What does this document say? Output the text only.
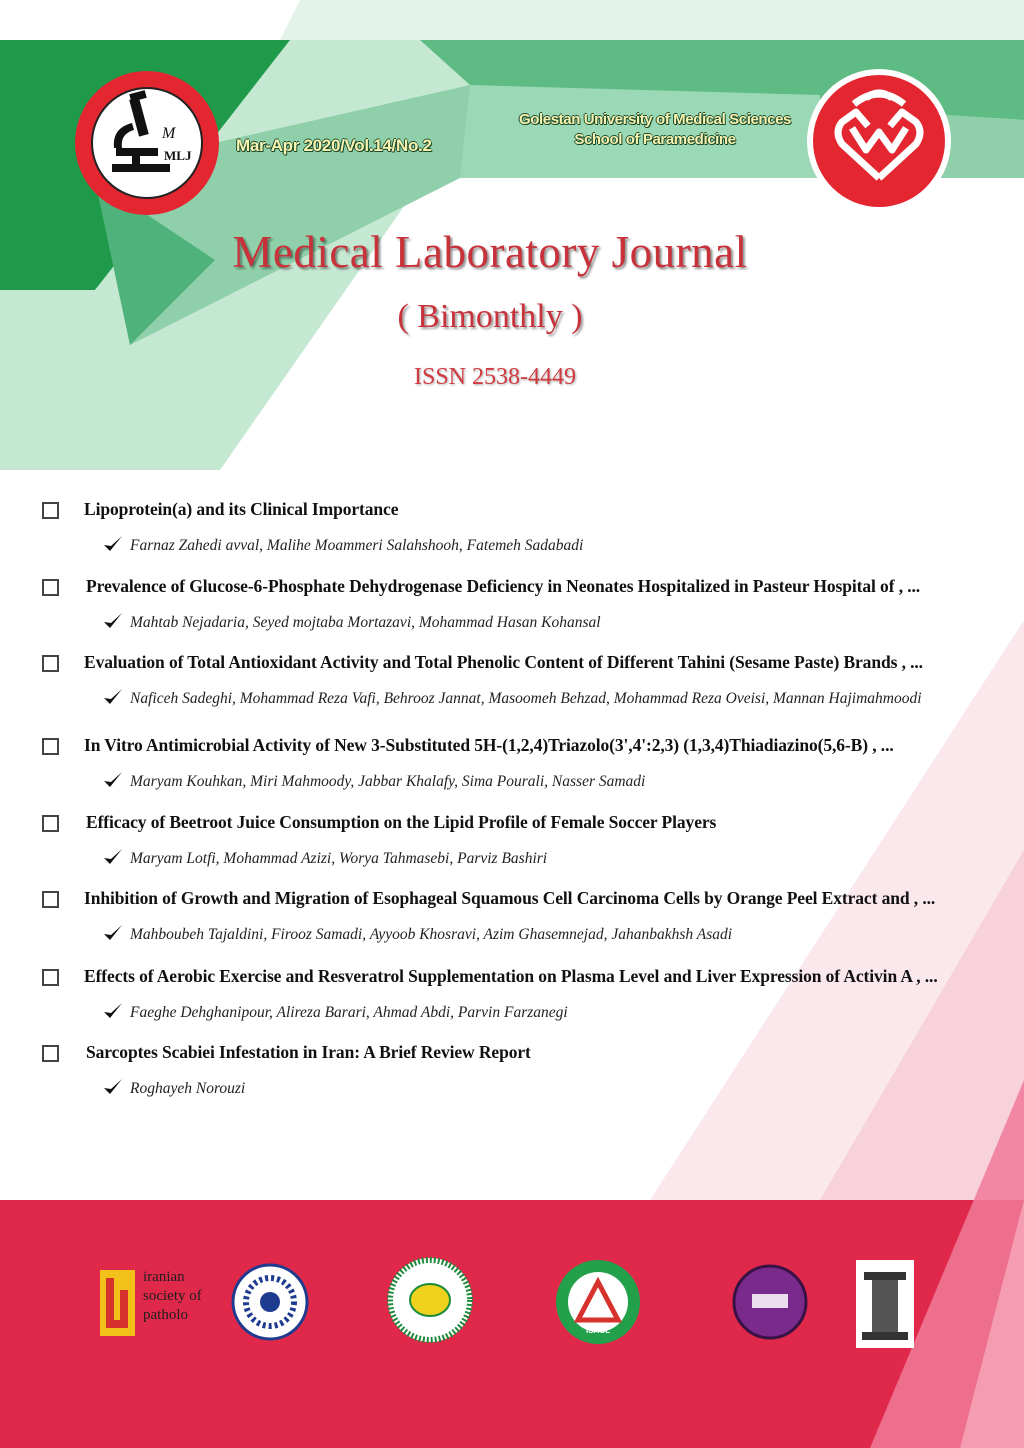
M
MLJ
Mar-Apr 2020/Vol.14/No.2
Golestan University of Medical Sciences
School of Paramedicine
Medical Laboratory Journal
( Bimonthly )
ISSN 2538-4449
Lipoprotein(a) and its Clinical Importance
Farnaz Zahedi avval, Malihe Moammeri Salahshooh, Fatemeh Sadabadi
Prevalence of Glucose-6-Phosphate Dehydrogenase Deficiency in Neonates Hospitalized in Pasteur Hospital of , ...
Mahtab Nejadaria, Seyed mojtaba Mortazavi, Mohammad Hasan Kohansal
Evaluation of Total Antioxidant Activity and Total Phenolic Content of Different Tahini (Sesame Paste) Brands , ...
Naficeh Sadeghi, Mohammad Reza Vafi, Behrooz Jannat, Masoomeh Behzad, Mohammad Reza Oveisi, Mannan Hajimahmoodi
In Vitro Antimicrobial Activity of New 3-Substituted 5H-(1,2,4)Triazolo(3',4':2,3) (1,3,4)Thiadiazino(5,6-B) , ...
Maryam Kouhkan, Miri Mahmoody, Jabbar Khalafy, Sima Pourali, Nasser Samadi
Efficacy of Beetroot Juice Consumption on the Lipid Profile of Female Soccer Players
Maryam Lotfi, Mohammad Azizi, Worya Tahmasebi, Parviz Bashiri
Inhibition of Growth and Migration of Esophageal Squamous Cell Carcinoma Cells by Orange Peel Extract and , ...
Mahboubeh Tajaldini, Firooz Samadi, Ayyoob Khosravi, Azim Ghasemnejad, Jahanbakhsh Asadi
Effects of Aerobic Exercise and Resveratrol Supplementation on Plasma Level and Liver Expression of Activin A , ...
Faeghe Dehghanipour, Alireza Barari, Ahmad Abdi, Parvin Farzanegi
Sarcoptes Scabiei Infestation in Iran: A Brief Review Report
Roghayeh Norouzi
ISACL
iranian society of patholo
